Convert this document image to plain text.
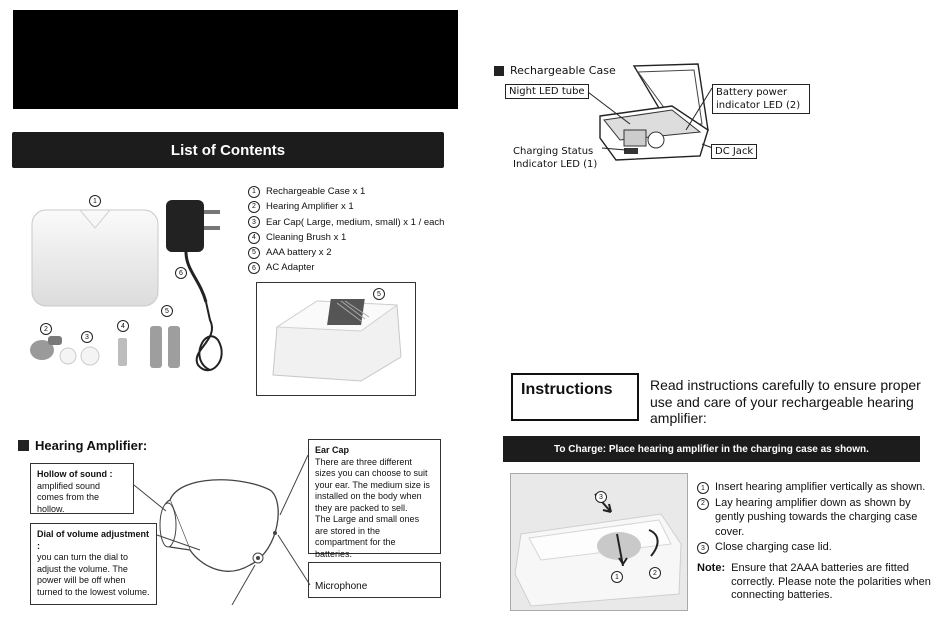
List of Contents
1
2
3
4
5
6
1	Rechargeable Case x 1
2	Hearing Amplifier x 1
3	Ear Cap( Large, medium, small) x 1 / each
4	Cleaning Brush x 1
5	AAA battery x 2
6	AC Adapter
5
Hearing Amplifier:
Hollow of sound :
amplified sound comes from the hollow.
Dial of volume adjustment :
you can turn the dial to adjust the volume. The power will be off when turned to the lowest volume.
Ear Cap
There are three different sizes you can choose to suit your ear. The medium size is installed on the body when they are packed to sell.
The Large and small ones are stored in the compartment for the batteries.
Microphone
Rechargeable Case
Night LED tube	Battery power indicator LED (2)
Charging Status
Indicator LED (1)
DC Jack
Instructions	Read instructions carefully to ensure proper use and care of your rechargeable hearing amplifier:
To Charge: Place hearing amplifier in the charging case as shown.
3
1
2
1 Insert hearing amplifier vertically as shown.
2 Lay hearing amplifier down as shown by gently pushing towards the charging case cover.
3 Close charging case lid.
Note: Ensure that 2AAA batteries are fitted correctly. Please note the polarities when connecting batteries.
